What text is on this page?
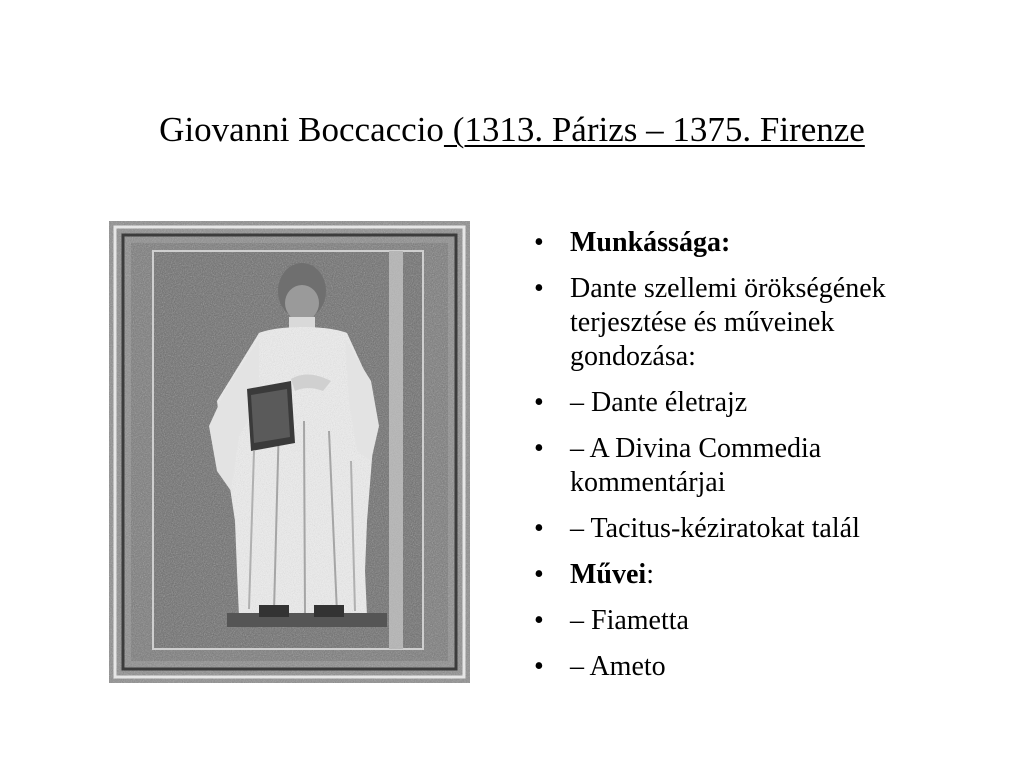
Giovanni Boccaccio (1313. Párizs – 1375. Firenze
• Munkássága:
• Dante szellemi örökségének terjesztése és műveinek gondozása:
• – Dante életrajz
• – A Divina Commedia kommentárjai
• – Tacitus-kéziratokat talál
• Művei:
• – Fiametta
• – Ameto
